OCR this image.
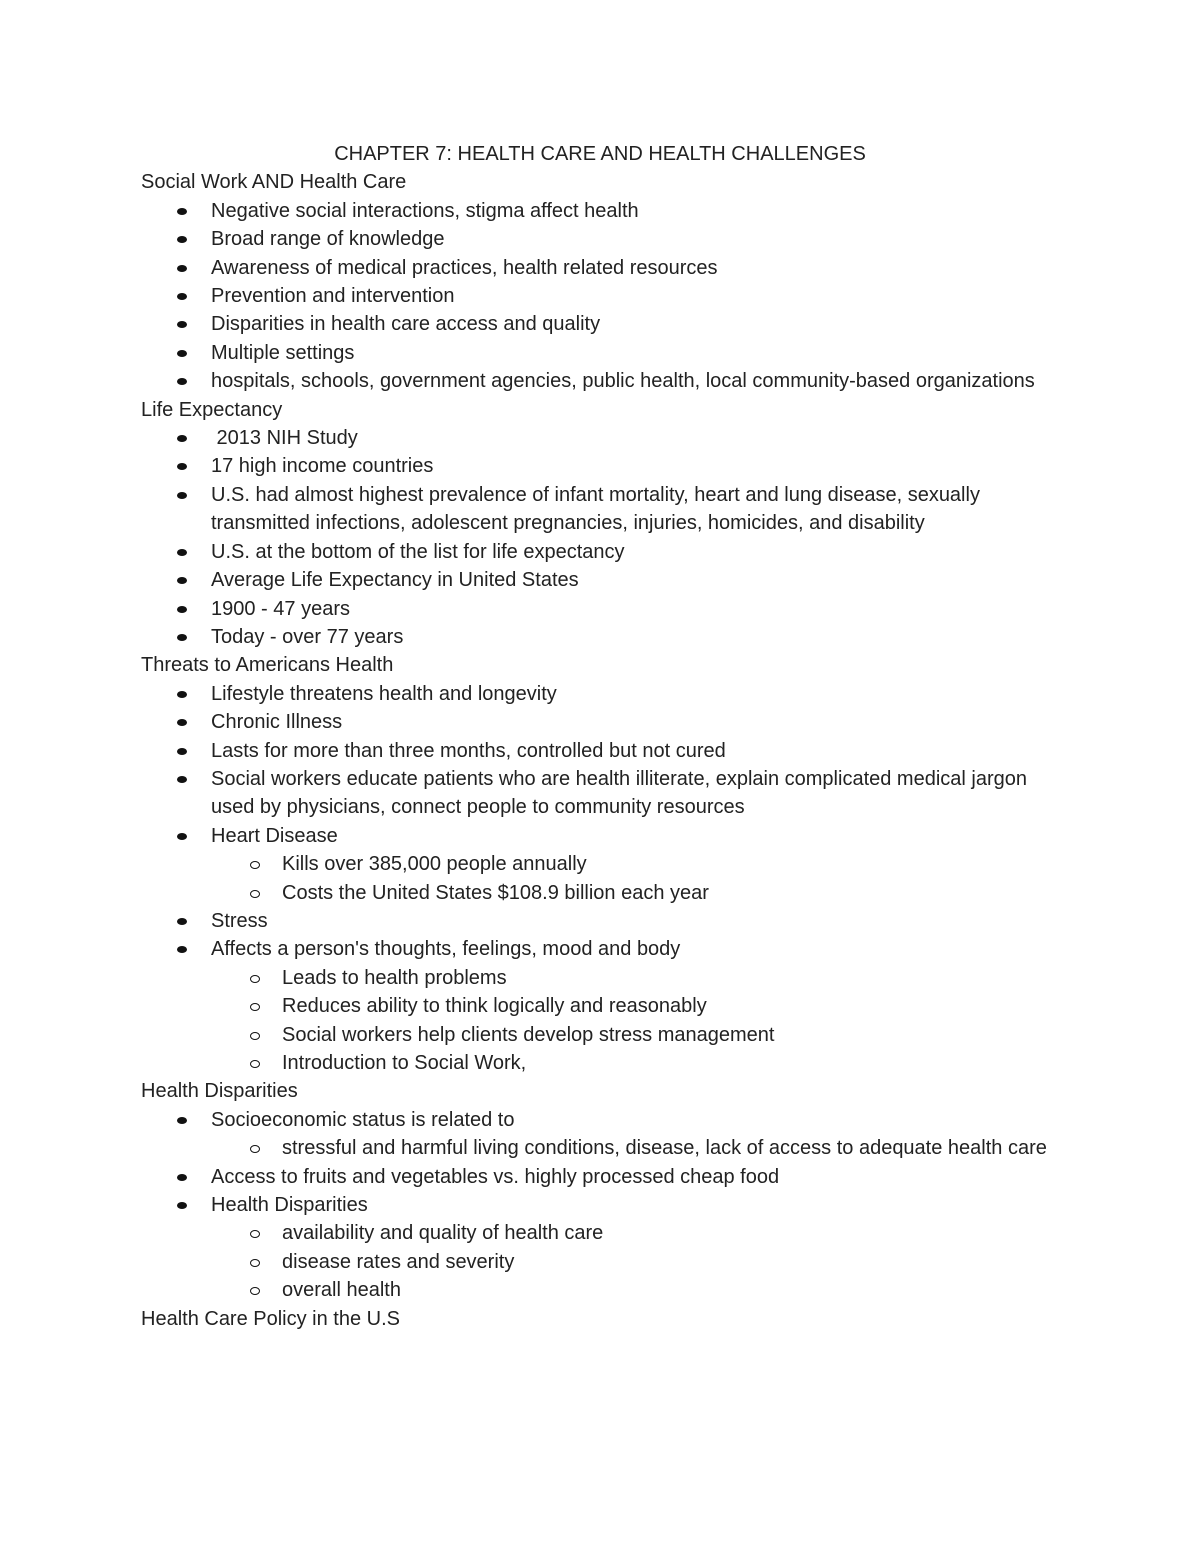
CHAPTER 7: HEALTH CARE AND HEALTH CHALLENGES
Social Work AND Health Care
Negative social interactions, stigma affect health
Broad range of knowledge
Awareness of medical practices, health related resources
Prevention and intervention
Disparities in health care access and quality
Multiple settings
hospitals, schools, government agencies, public health, local community-based organizations
Life Expectancy
2013 NIH Study
17 high income countries
U.S. had almost highest prevalence of infant mortality, heart and lung disease, sexually transmitted infections, adolescent pregnancies, injuries, homicides, and disability
U.S. at the bottom of the list for life expectancy
Average Life Expectancy in United States
1900 - 47 years
Today - over 77 years
Threats to Americans Health
Lifestyle threatens health and longevity
Chronic Illness
Lasts for more than three months, controlled but not cured
Social workers educate patients who are health illiterate, explain complicated medical jargon used by physicians, connect people to community resources
Heart Disease
Kills over 385,000 people annually
Costs the United States $108.9 billion each year
Stress
Affects a person's thoughts, feelings, mood and body
Leads to health problems
Reduces ability to think logically and reasonably
Social workers help clients develop stress management
Introduction to Social Work,
Health Disparities
Socioeconomic status is related to
stressful and harmful living conditions, disease, lack of access to adequate health care
Access to fruits and vegetables vs. highly processed cheap food
Health Disparities
availability and quality of health care
disease rates and severity
overall health
Health Care Policy in the U.S
